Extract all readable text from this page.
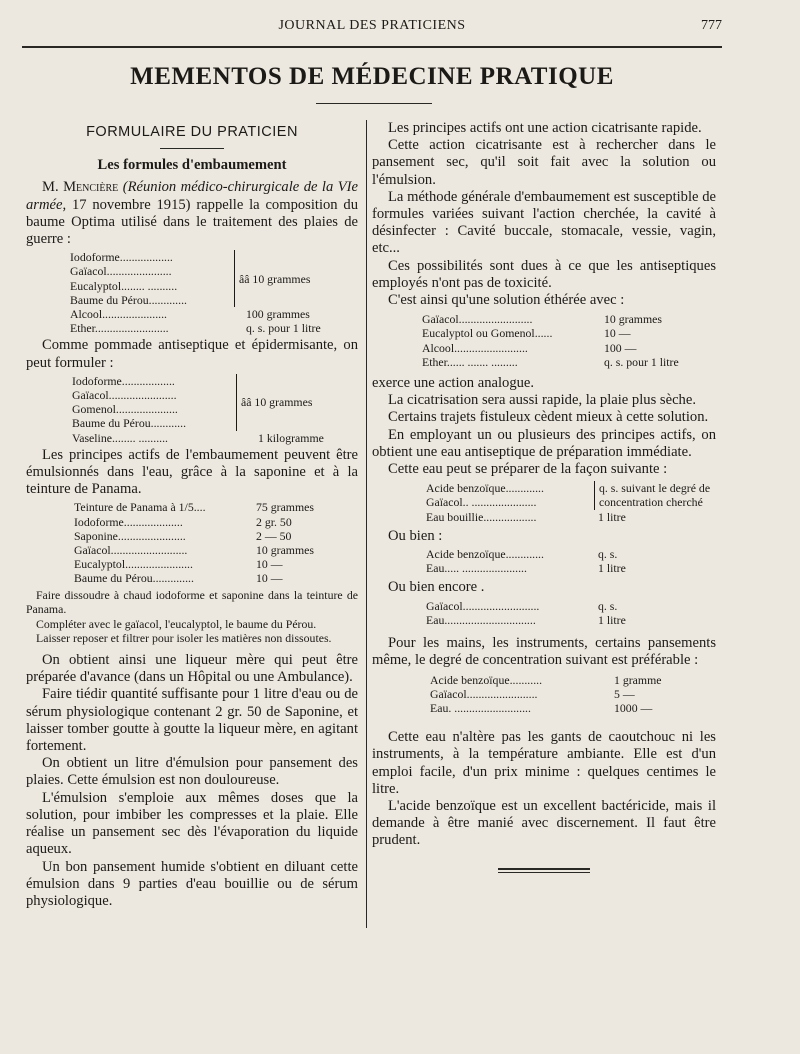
JOURNAL DES PRATICIENS	777
MEMENTOS DE MÉDECINE PRATIQUE
FORMULAIRE DU PRATICIEN
Les formules d'embaumement

M. Mencière (Réunion médico-chirurgicale de la VIe armée, 17 novembre 1915) rappelle la composition du baume Optima utilisé dans le traitement des plaies de guerre :

Iodoforme..................
Gaïacol......................
Eucalyptol........ ..........
Baume du Pérou.............
ââ 10 grammes
Alcool......................	100 grammes
Ether.........................	q. s. pour 1 litre

Comme pommade antiseptique et épidermisante, on peut formuler :

Iodoforme..................
Gaïacol.......................
Gomenol.....................
Baume du Pérou............
ââ 10 grammes
Vaseline........ ..........	1 kilogramme

Les principes actifs de l'embaumement peuvent être émulsionnés dans l'eau, grâce à la saponine et à la teinture de Panama.

Teinture de Panama à 1/5....	75 grammes
Iodoforme....................	2 gr. 50
Saponine.......................	2 — 50
Gaïacol..........................	10 grammes
Eucalyptol.......................	10 —
Baume du Pérou..............	10 —

Faire dissoudre à chaud iodoforme et saponine dans la teinture de Panama.

Compléter avec le gaïacol, l'eucalyptol, le baume du Pérou.

Laisser reposer et filtrer pour isoler les matières non dissoutes.

On obtient ainsi une liqueur mère qui peut être préparée d'avance (dans un Hôpital ou une Ambulance).

Faire tiédir quantité suffisante pour 1 litre d'eau ou de sérum physiologique contenant 2 gr. 50 de Saponine, et laisser tomber goutte à goutte la liqueur mère, en agitant fortement.

On obtient un litre d'émulsion pour pansement des plaies. Cette émulsion est non douloureuse.

L'émulsion s'emploie aux mêmes doses que la solution, pour imbiber les compresses et la plaie. Elle réalise un pansement sec dès l'évaporation du liquide aqueux.

Un bon pansement humide s'obtient en diluant cette émulsion dans 9 parties d'eau bouillie ou de sérum physiologique.

Les principes actifs ont une action cicatrisante rapide.

Cette action cicatrisante est à rechercher dans le pansement sec, qu'il soit fait avec la solution ou l'émulsion.

La méthode générale d'embaumement est susceptible de formules variées suivant l'action cherchée, la cavité à désinfecter : Cavité buccale, stomacale, vessie, vagin, etc...

Ces possibilités sont dues à ce que les antiseptiques employés n'ont pas de toxicité.

C'est ainsi qu'une solution éthérée avec :

Gaïacol.........................	10 grammes
Eucalyptol ou Gomenol......	10 —
Alcool.........................	100 —
Ether...... ....... .........	q. s. pour 1 litre

exerce une action analogue.

La cicatrisation sera aussi rapide, la plaie plus sèche.

Certains trajets fistuleux cèdent mieux à cette solution.

En employant un ou plusieurs des principes actifs, on obtient une eau antiseptique de préparation immédiate.

Cette eau peut se préparer de la façon suivante :

Acide benzoïque.............
Gaïacol.. ......................
q. s. suivant le degré de
concentration cherché
Eau bouillie..................	1 litre

Ou bien :

Acide benzoïque.............	q. s.
Eau..... ......................	1 litre

Ou bien encore .

Gaïacol..........................	q. s.
Eau...............................	1 litre

Pour les mains, les instruments, certains pansements même, le degré de concentration suivant est préférable :

Acide benzoïque...........	1 gramme
Gaïacol........................	5 —
Eau. ..........................	1000 —

Cette eau n'altère pas les gants de caoutchouc ni les instruments, à la température ambiante. Elle est d'un emploi facile, d'un prix minime : quelques centimes le litre.

L'acide benzoïque est un excellent bactéricide, mais il demande à être manié avec discernement. Il faut être prudent.
